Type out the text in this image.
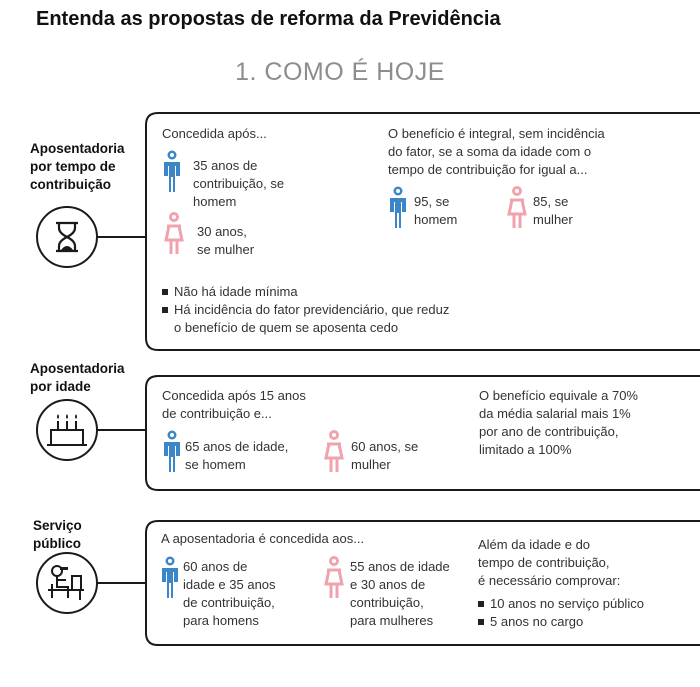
Entenda as propostas de reforma da Previdência
1. COMO É HOJE
Aposentadoria
por tempo de
contribuição
Concedida após...
35 anos de
contribuição, se
homem
30 anos,
se mulher
Não há idade mínima
Há incidência do fator previdenciário, que reduz
o benefício de quem se aposenta cedo
O benefício é integral, sem incidência
do fator, se a soma da idade com o
tempo de contribuição for igual a...
95, se
homem
85, se
mulher
Aposentadoria
por idade
Concedida após 15 anos
de contribuição e...
65 anos de idade,
se homem
60 anos, se
mulher
O benefício equivale a 70%
da média salarial mais 1%
por ano de contribuição,
limitado a 100%
Serviço
público	A aposentadoria é concedida aos...
60 anos de
idade e 35 anos
de contribuição,
para homens
55 anos de idade
e 30 anos de
contribuição,
para mulheres
Além da idade e do
tempo de contribuição,
é necessário comprovar:
10 anos no serviço público
5 anos no cargo
